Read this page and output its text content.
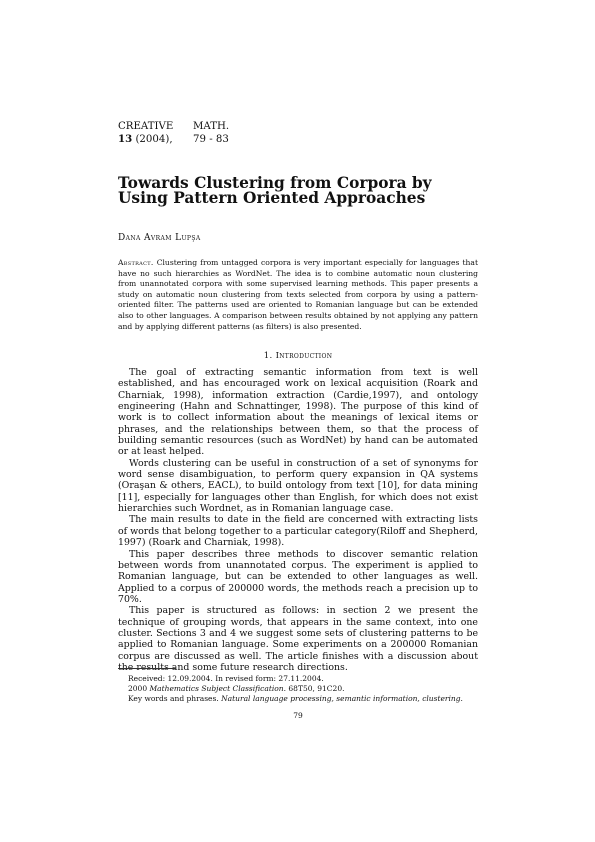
CREATIVE	MATH.
13 (2004),	79 - 83
Towards Clustering from Corpora by Using Pattern Oriented Approaches
Dana Avram Lupşa

Abstract. Clustering from untagged corpora is very important especially for languages that have no such hierarchies as WordNet. The idea is to combine automatic noun clustering from unannotated corpora with some supervised learning methods. This paper presents a study on automatic noun clustering from texts selected from corpora by using a pattern-oriented filter. The patterns used are oriented to Romanian language but can be extended also to other languages. A comparison between results obtained by not applying any pattern and by applying different patterns (as filters) is also presented.

1. Introduction

The goal of extracting semantic information from text is well established, and has encouraged work on lexical acquisition (Roark and Charniak, 1998), information extraction (Cardie,1997), and ontology engineering (Hahn and Schnattinger, 1998). The purpose of this kind of work is to collect information about the meanings of lexical items or phrases, and the relationships between them, so that the process of building semantic resources (such as WordNet) by hand can be automated or at least helped.

Words clustering can be useful in construction of a set of synonyms for word sense disambiguation, to perform query expansion in QA systems (Oraşan & others, EACL), to build ontology from text [10], for data mining [11], especially for languages other than English, for which does not exist hierarchies such Wordnet, as in Romanian language case.

The main results to date in the field are concerned with extracting lists of words that belong together to a particular category(Riloff and Shepherd, 1997) (Roark and Charniak, 1998).

This paper describes three methods to discover semantic relation between words from unannotated corpus. The experiment is applied to Romanian language, but can be extended to other languages as well. Applied to a corpus of 200000 words, the methods reach a precision up to 70%.

This paper is structured as follows: in section 2 we present the technique of grouping words, that appears in the same context, into one cluster. Sections 3 and 4 we suggest some sets of clustering patterns to be applied to Romanian language. Some experiments on a 200000 Romanian corpus are discussed as well. The article finishes with a discussion about the results and some future research directions.

Received: 12.09.2004. In revised form: 27.11.2004.
2000 Mathematics Subject Classification. 68T50, 91C20.
Key words and phrases. Natural language processing, semantic information, clustering.
79
